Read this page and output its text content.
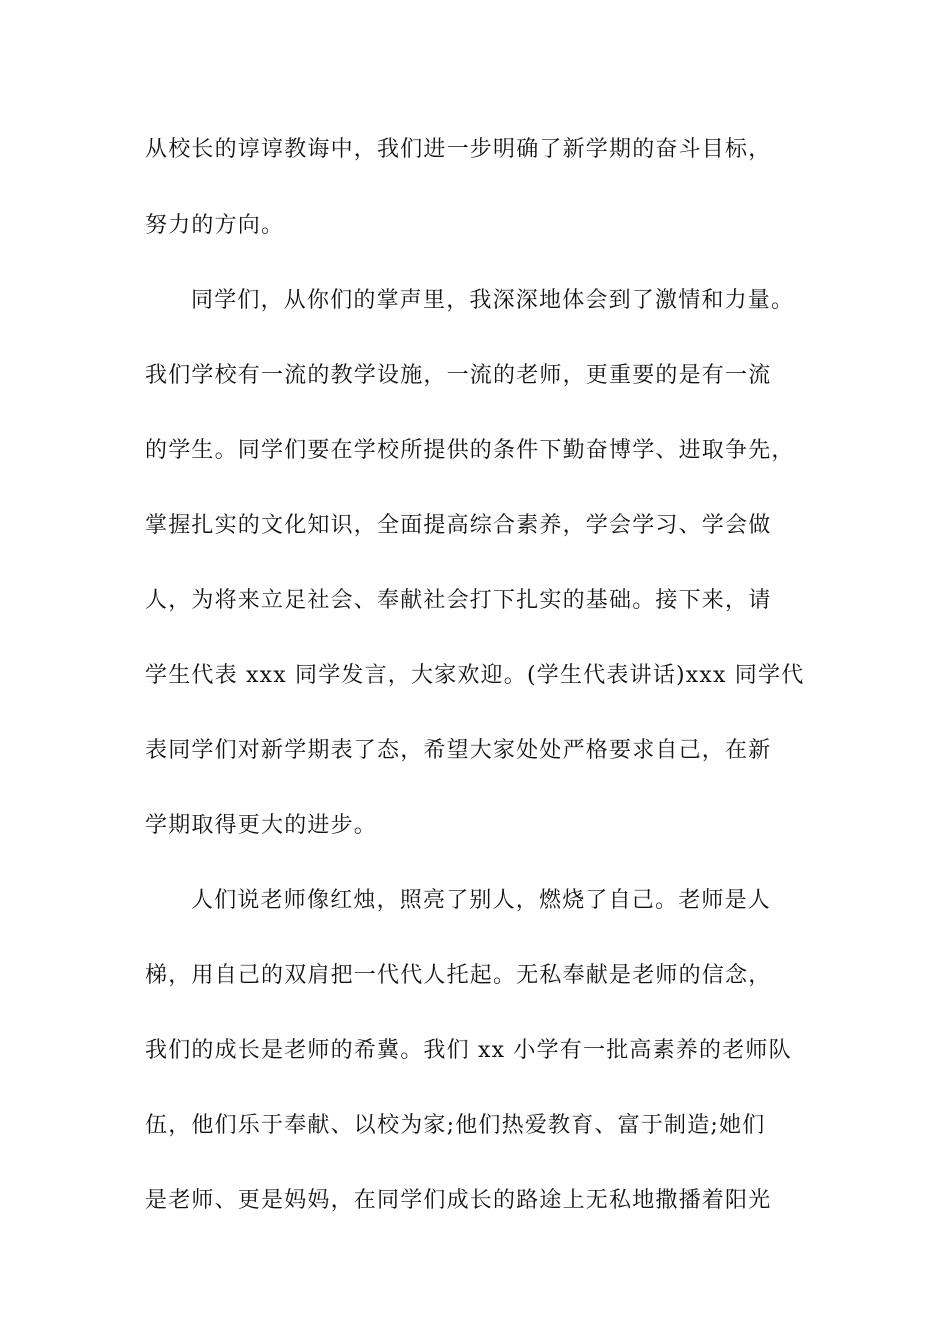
从校长的谆谆教诲中，我们进一步明确了新学期的奋斗目标，
努力的方向。
同学们，从你们的掌声里，我深深地体会到了激情和力量。
我们学校有一流的教学设施，一流的老师，更重要的是有一流
的学生。同学们要在学校所提供的条件下勤奋博学、进取争先，
掌握扎实的文化知识，全面提高综合素养，学会学习、学会做
人，为将来立足社会、奉献社会打下扎实的基础。接下来，请
学生代表 xxx 同学发言，大家欢迎。(学生代表讲话)xxx 同学代
表同学们对新学期表了态，希望大家处处严格要求自己，在新
学期取得更大的进步。
人们说老师像红烛，照亮了别人，燃烧了自己。老师是人
梯，用自己的双肩把一代代人托起。无私奉献是老师的信念，
我们的成长是老师的希冀。我们 xx 小学有一批高素养的老师队
伍，他们乐于奉献、以校为家;他们热爱教育、富于制造;她们
是老师、更是妈妈，在同学们成长的路途上无私地撒播着阳光
